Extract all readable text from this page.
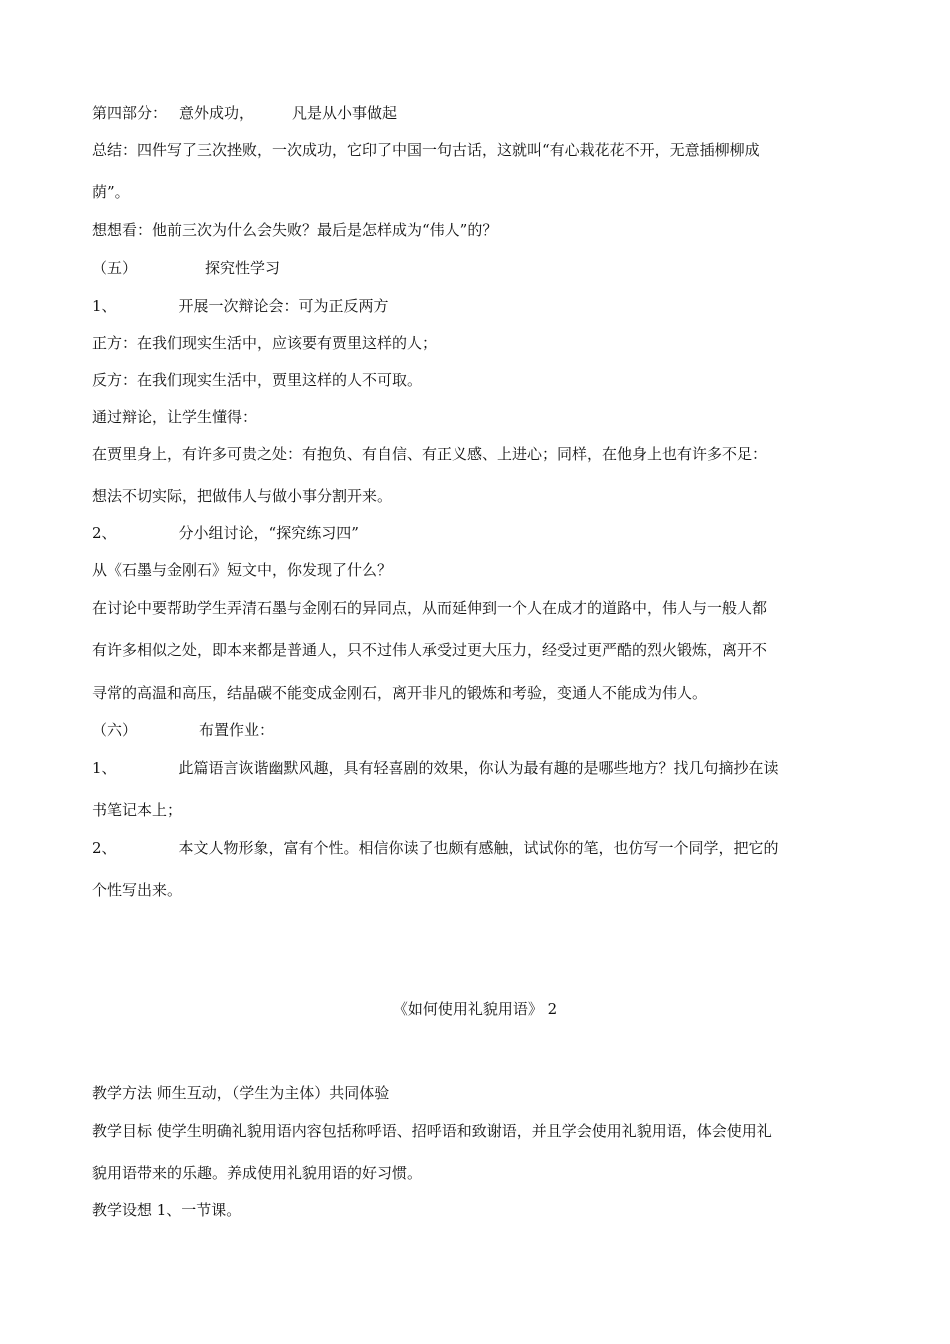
第四部分： 意外成功，	凡是从小事做起
总结：四件写了三次挫败，一次成功，它印了中国一句古话，这就叫“有心栽花花不开，无意插柳柳成
荫”。
想想看：他前三次为什么会失败？最后是怎样成为“伟人”的？
（五）	探究性学习
1、	开展一次辩论会：可为正反两方
正方：在我们现实生活中，应该要有贾里这样的人；
反方：在我们现实生活中，贾里这样的人不可取。
通过辩论，让学生懂得：
在贾里身上，有许多可贵之处：有抱负、有自信、有正义感、上进心；同样，在他身上也有许多不足：
想法不切实际，把做伟人与做小事分割开来。
2、	分小组讨论，“探究练习四”
从《石墨与金刚石》短文中，你发现了什么？
在讨论中要帮助学生弄清石墨与金刚石的异同点，从而延伸到一个人在成才的道路中，伟人与一般人都
有许多相似之处，即本来都是普通人，只不过伟人承受过更大压力，经受过更严酷的烈火锻炼，离开不
寻常的高温和高压，结晶碳不能变成金刚石，离开非凡的锻炼和考验，变通人不能成为伟人。
（六）	布置作业：
1、	此篇语言诙谐幽默风趣，具有轻喜剧的效果，你认为最有趣的是哪些地方？找几句摘抄在读
书笔记本上；
2、	本文人物形象，富有个性。相信你读了也颇有感触，试试你的笔，也仿写一个同学，把它的
个性写出来。
《如何使用礼貌用语》 2
教学方法 师生互动，（学生为主体）共同体验
教学目标 使学生明确礼貌用语内容包括称呼语、招呼语和致谢语，并且学会使用礼貌用语，体会使用礼
貌用语带来的乐趣。养成使用礼貌用语的好习惯。
教学设想 1、一节课。
